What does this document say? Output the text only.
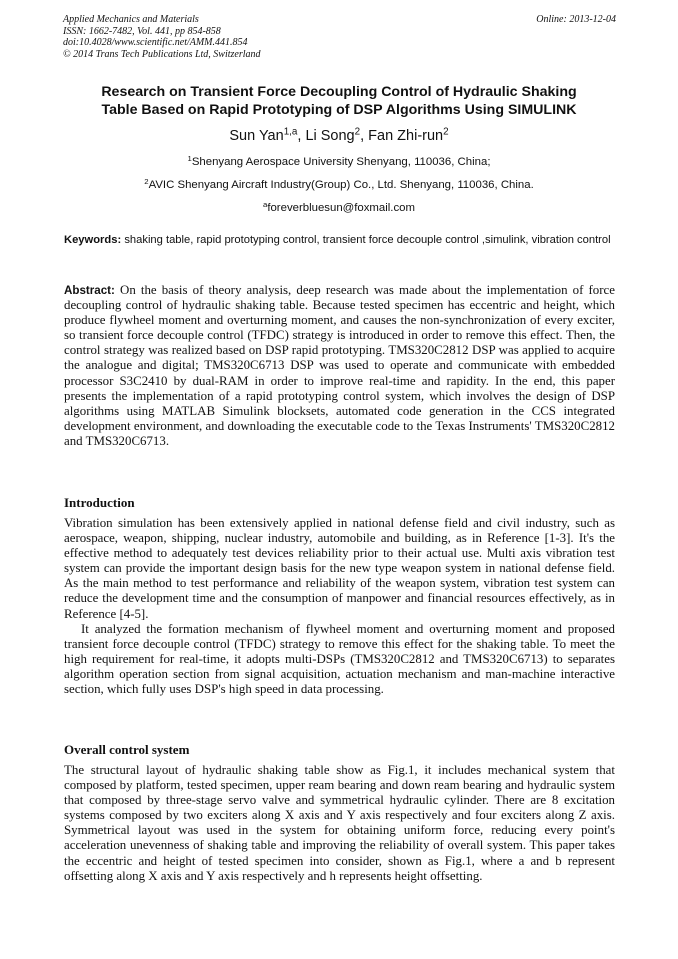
Applied Mechanics and Materials
ISSN: 1662-7482, Vol. 441, pp 854-858
doi:10.4028/www.scientific.net/AMM.441.854
© 2014 Trans Tech Publications Ltd, Switzerland
Online: 2013-12-04
Research on Transient Force Decoupling Control of Hydraulic Shaking
Table Based on Rapid Prototyping of DSP Algorithms Using SIMULINK
Sun Yan$^{1,a}$, Li Song$^2$, Fan Zhi-run$^2$
$^1$Shenyang Aerospace University Shenyang, 110036, China;
$^2$AVIC Shenyang Aircraft Industry(Group) Co., Ltd. Shenyang, 110036, China.
$^a$foreverbluesun@foxmail.com
Keywords: shaking table, rapid prototyping control, transient force decouple control ,simulink, vibration control
Abstract: On the basis of theory analysis, deep research was made about the implementation of force decoupling control of hydraulic shaking table. Because tested specimen has eccentric and height, which produce flywheel moment and overturning moment, and causes the non-synchronization of every exciter, so transient force decouple control (TFDC) strategy is introduced in order to remove this effect. Then, the control strategy was realized based on DSP rapid prototyping. TMS320C2812 DSP was applied to acquire the analogue and digital; TMS320C6713 DSP was used to operate and communicate with embedded processor S3C2410 by dual-RAM in order to improve real-time and rapidity. In the end, this paper presents the implementation of a rapid prototyping control system, which involves the design of DSP algorithms using MATLAB Simulink blocksets, automated code generation in the CCS integrated development environment, and downloading the executable code to the Texas Instruments' TMS320C2812 and TMS320C6713.
Introduction

Vibration simulation has been extensively applied in national defense field and civil industry, such as aerospace, weapon, shipping, nuclear industry, automobile and building, as in Reference [1-3]. It's the effective method to adequately test devices reliability prior to their actual use. Multi axis vibration test system can provide the important design basis for the new type weapon system in national defense field. As the main method to test performance and reliability of the weapon system, vibration test system can reduce the development time and the consumption of manpower and financial resources effectively, as in Reference [4-5].

It analyzed the formation mechanism of flywheel moment and overturning moment and proposed transient force decouple control (TFDC) strategy to remove this effect for the shaking table. To meet the high requirement for real-time, it adopts multi-DSPs (TMS320C2812 and TMS320C6713) to separates algorithm operation section from signal acquisition, actuation mechanism and man-machine interactive section, which fully uses DSP's high speed in data processing.

Overall control system

The structural layout of hydraulic shaking table show as Fig.1, it includes mechanical system that composed by platform, tested specimen, upper ream bearing and down ream bearing and hydraulic system that composed by three-stage servo valve and symmetrical hydraulic cylinder. There are 8 excitation systems composed by two exciters along X axis and Y axis respectively and four exciters along Z axis. Symmetrical layout was used in the system for obtaining uniform force, reducing every point's acceleration unevenness of shaking table and improving the reliability of overall system. This paper takes the eccentric and height of tested specimen into consider, shown as Fig.1, where a and b represent offsetting along X axis and Y axis respectively and h represents height offsetting.
